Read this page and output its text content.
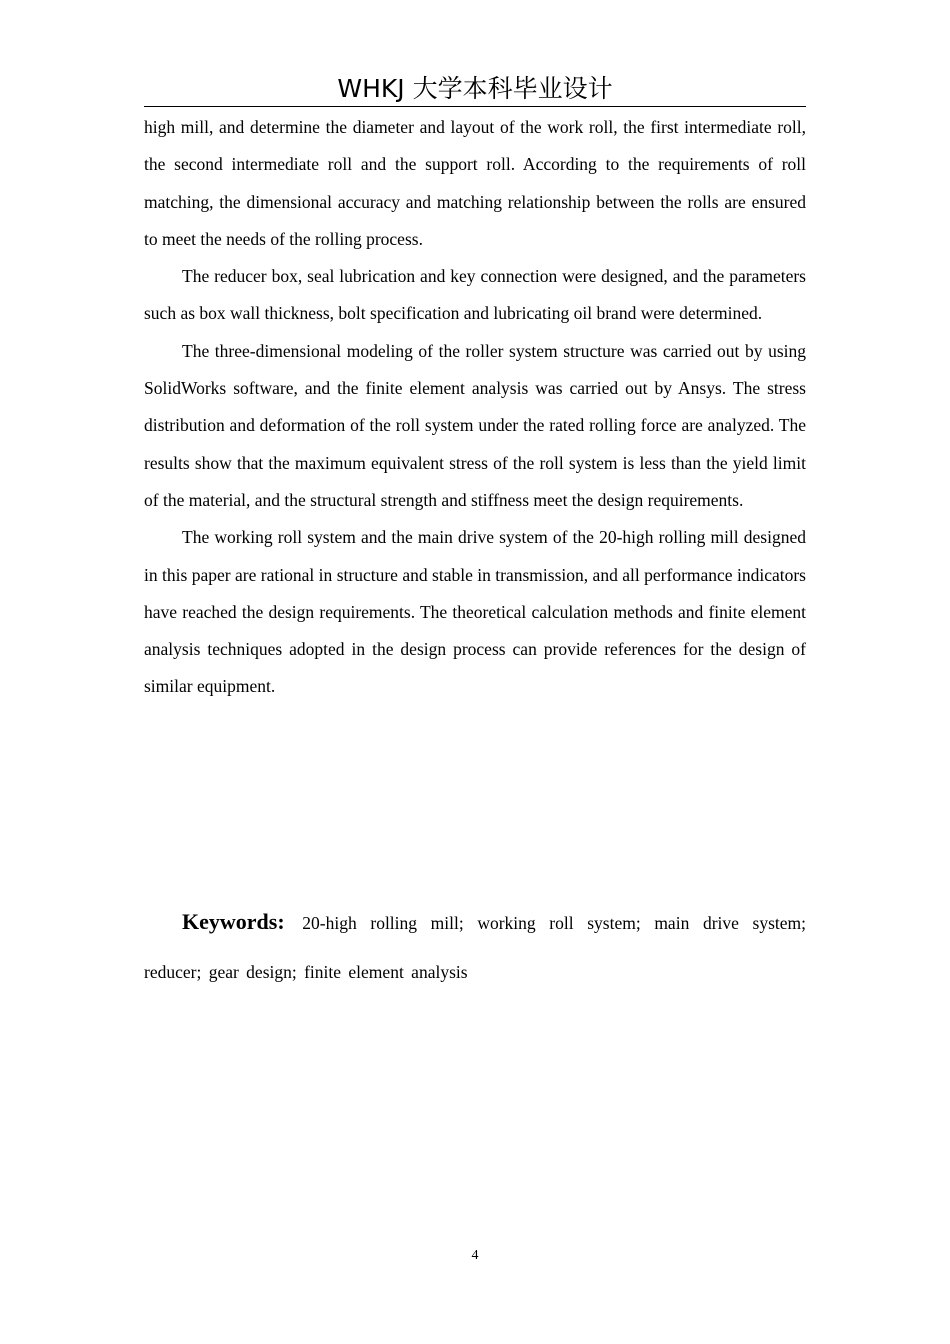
WHKJ 大学本科毕业设计

high mill, and determine the diameter and layout of the work roll, the first intermediate roll, the second intermediate roll and the support roll. According to the requirements of roll matching, the dimensional accuracy and matching relationship between the rolls are ensured to meet the needs of the rolling process.

The reducer box, seal lubrication and key connection were designed, and the parameters such as box wall thickness, bolt specification and lubricating oil brand were determined.

The three-dimensional modeling of the roller system structure was carried out by using SolidWorks software, and the finite element analysis was carried out by Ansys. The stress distribution and deformation of the roll system under the rated rolling force are analyzed. The results show that the maximum equivalent stress of the roll system is less than the yield limit of the material, and the structural strength and stiffness meet the design requirements.

The working roll system and the main drive system of the 20-high rolling mill designed in this paper are rational in structure and stable in transmission, and all performance indicators have reached the design requirements. The theoretical calculation methods and finite element analysis techniques adopted in the design process can provide references for the design of similar equipment.

Keywords: 20-high rolling mill; working roll system; main drive system; reducer; gear design; finite element analysis
4
